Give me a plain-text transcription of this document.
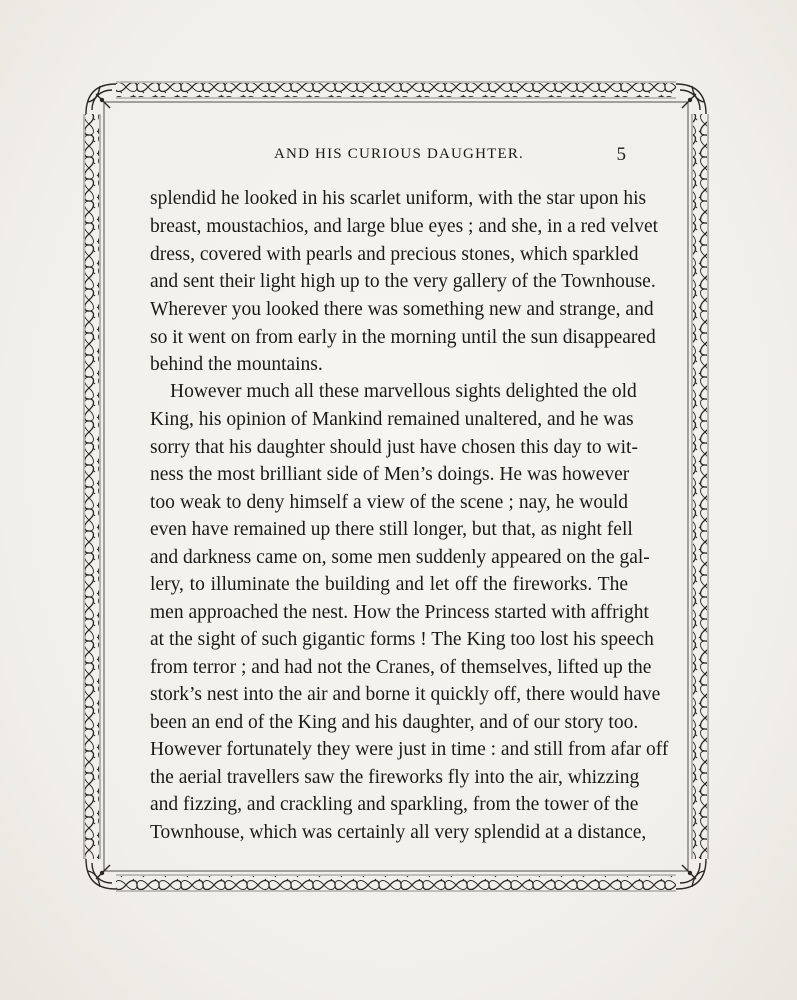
AND HIS CURIOUS DAUGHTER.	5
splendid he looked in his scarlet uniform, with the star upon his
breast, moustachios, and large blue eyes ; and she, in a red velvet
dress, covered with pearls and precious stones, which sparkled
and sent their light high up to the very gallery of the Townhouse.
Wherever you looked there was something new and strange, and
so it went on from early in the morning until the sun disappeared
behind the mountains.
However much all these marvellous sights delighted the old
King, his opinion of Mankind remained unaltered, and he was
sorry that his daughter should just have chosen this day to wit-
ness the most brilliant side of Men’s doings. He was however
too weak to deny himself a view of the scene ; nay, he would
even have remained up there still longer, but that, as night fell
and darkness came on, some men suddenly appeared on the gal-
lery, to illuminate the building and let off the fireworks. The
men approached the nest. How the Princess started with affright
at the sight of such gigantic forms ! The King too lost his speech
from terror ; and had not the Cranes, of themselves, lifted up the
stork’s nest into the air and borne it quickly off, there would have
been an end of the King and his daughter, and of our story too.
However fortunately they were just in time : and still from afar off
the aerial travellers saw the fireworks fly into the air, whizzing
and fizzing, and crackling and sparkling, from the tower of the
Townhouse, which was certainly all very splendid at a distance,
